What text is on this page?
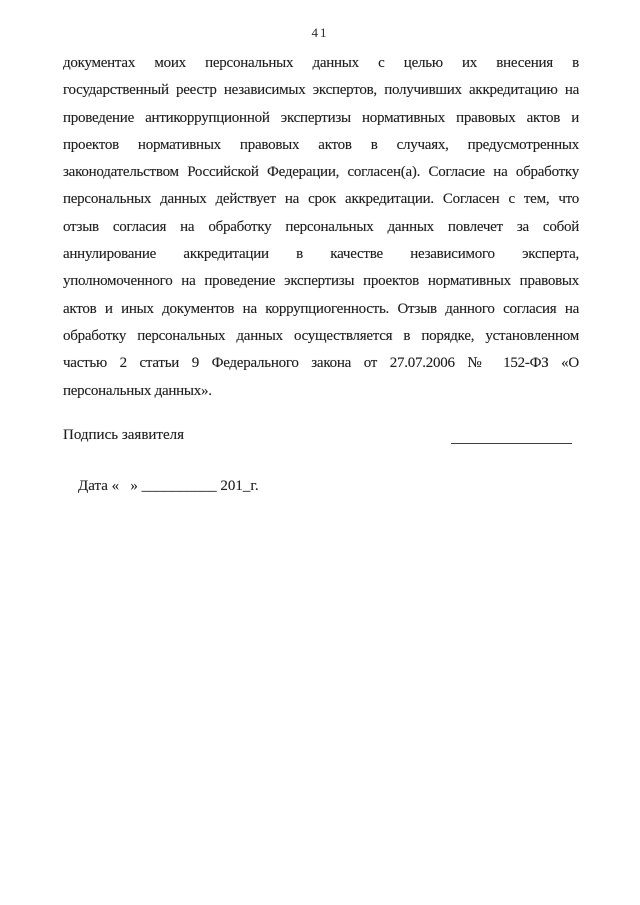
41
документах моих персональных данных с целью их внесения в
государственный реестр независимых экспертов, получивших аккредитацию на
проведение антикоррупционной экспертизы нормативных правовых актов и
проектов нормативных правовых актов в случаях, предусмотренных
законодательством Российской Федерации, согласен(а). Согласие на обработку
персональных данных действует на срок аккредитации. Согласен с тем, что
отзыв согласия на обработку персональных данных повлечет за собой
аннулирование аккредитации в качестве независимого эксперта,
уполномоченного на проведение экспертизы проектов нормативных правовых
актов и иных документов на коррупциогенность. Отзыв данного согласия на
обработку персональных данных осуществляется в порядке, установленном
частью 2 статьи 9 Федерального закона от 27.07.2006 № 152-ФЗ «О
персональных данных».
Подпись заявителя

Дата «   » __________ 201_г.
